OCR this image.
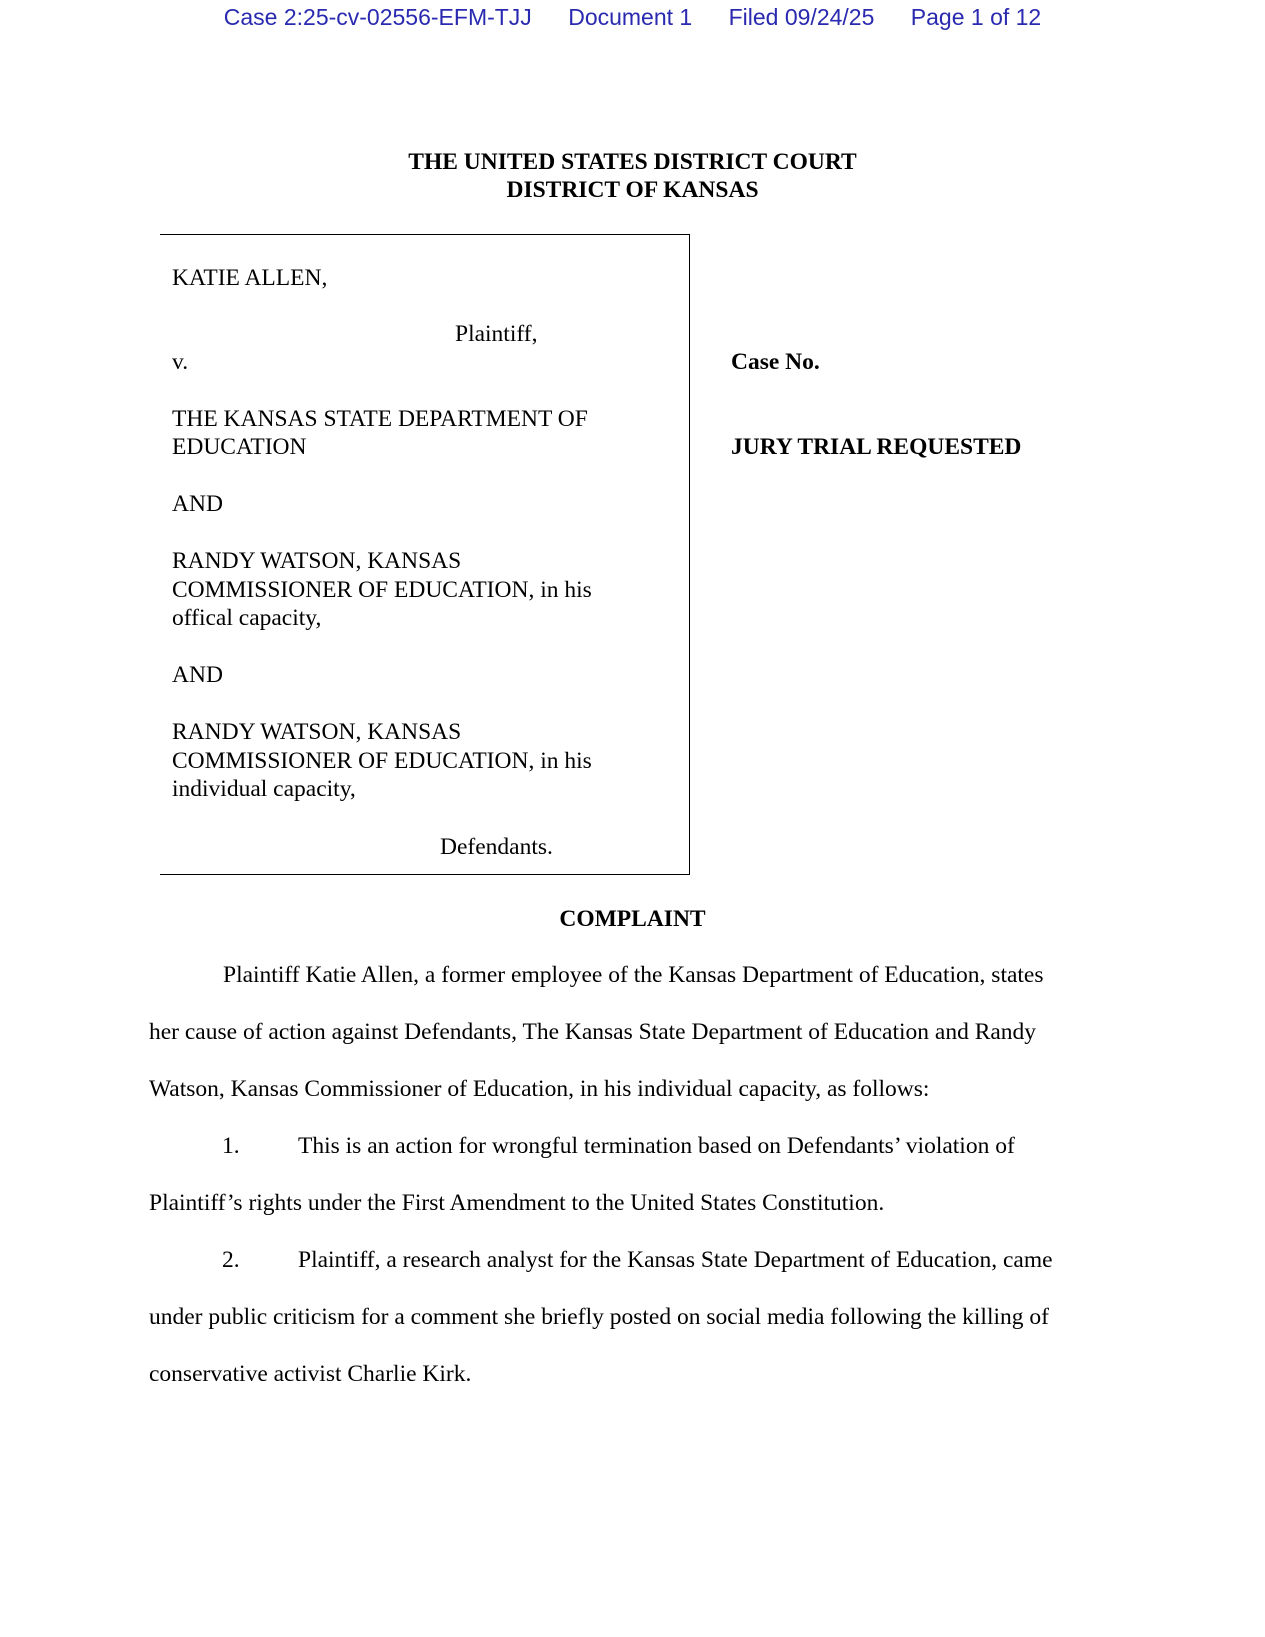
Case 2:25-cv-02556-EFM-TJJ Document 1 Filed 09/24/25 Page 1 of 12
THE UNITED STATES DISTRICT COURT
DISTRICT OF KANSAS
KATIE ALLEN,
Plaintiff,
v.
THE KANSAS STATE DEPARTMENT OF
EDUCATION
AND
RANDY WATSON, KANSAS
COMMISSIONER OF EDUCATION, in his
offical capacity,
AND
RANDY WATSON, KANSAS
COMMISSIONER OF EDUCATION, in his
individual capacity,
Defendants.
Case No.
JURY TRIAL REQUESTED
COMPLAINT
Plaintiff Katie Allen, a former employee of the Kansas Department of Education, states
her cause of action against Defendants, The Kansas State Department of Education and Randy
Watson, Kansas Commissioner of Education, in his individual capacity, as follows:
1. This is an action for wrongful termination based on Defendants’ violation of
Plaintiff’s rights under the First Amendment to the United States Constitution.
2. Plaintiff, a research analyst for the Kansas State Department of Education, came
under public criticism for a comment she briefly posted on social media following the killing of
conservative activist Charlie Kirk.
